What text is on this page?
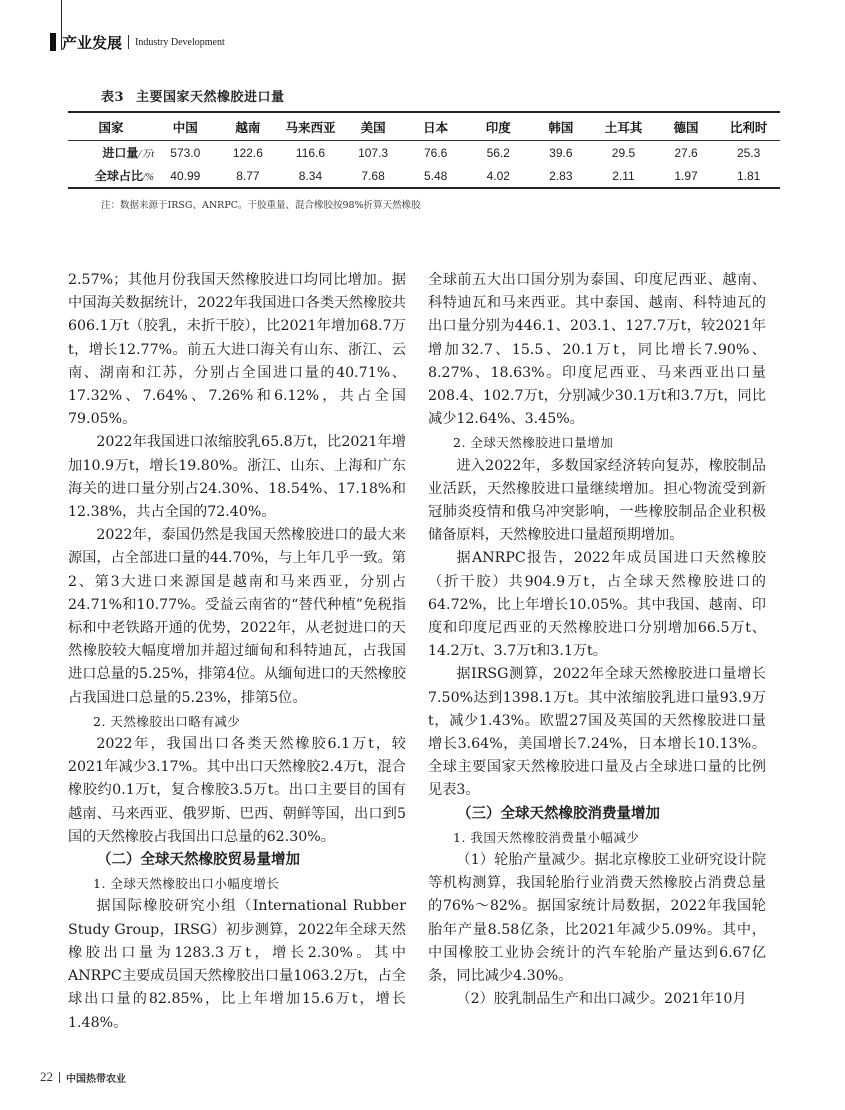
产业发展 Industry Development
表3 主要国家天然橡胶进口量
国家	中国	越南	马来西亚	美国	日本	印度	韩国	土耳其	德国	比利时
进口量/万t	573.0	122.6	116.6	107.3	76.6	56.2	39.6	29.5	27.6	25.3
全球占比/%	40.99	8.77	8.34	7.68	5.48	4.02	2.83	2.11	1.97	1.81
注：数据来源于IRSG、ANRPC。干胶重量、混合橡胶按98%折算天然橡胶

2.57%；其他月份我国天然橡胶进口均同比增加。据中国海关数据统计，2022年我国进口各类天然橡胶共606.1万t（胶乳，未折干胶），比2021年增加68.7万t，增长12.77%。前五大进口海关有山东、浙江、云南、湖南和江苏，分别占全国进口量的40.71%、17.32%、7.64%、7.26%和6.12%，共占全国79.05%。

2022年我国进口浓缩胶乳65.8万t，比2021年增加10.9万t，增长19.80%。浙江、山东、上海和广东海关的进口量分别占24.30%、18.54%、17.18%和12.38%，共占全国的72.40%。

2022年，泰国仍然是我国天然橡胶进口的最大来源国，占全部进口量的44.70%，与上年几乎一致。第2、第3大进口来源国是越南和马来西亚，分别占24.71%和10.77%。受益云南省的“替代种植”免税指标和中老铁路开通的优势，2022年，从老挝进口的天然橡胶较大幅度增加并超过缅甸和科特迪瓦，占我国进口总量的5.25%，排第4位。从缅甸进口的天然橡胶占我国进口总量的5.23%，排第5位。

2. 天然橡胶出口略有减少

2022年，我国出口各类天然橡胶6.1万t，较2021年减少3.17%。其中出口天然橡胶2.4万t，混合橡胶约0.1万t，复合橡胶3.5万t。出口主要目的国有越南、马来西亚、俄罗斯、巴西、朝鲜等国，出口到5国的天然橡胶占我国出口总量的62.30%。

（二）全球天然橡胶贸易量增加

1. 全球天然橡胶出口小幅度增长

据国际橡胶研究小组（International Rubber Study Group，IRSG）初步测算，2022年全球天然橡胶出口量为1283.3万t，增长2.30%。其中ANRPC主要成员国天然橡胶出口量1063.2万t，占全球出口量的82.85%，比上年增加15.6万t，增长1.48%。

全球前五大出口国分别为泰国、印度尼西亚、越南、科特迪瓦和马来西亚。其中泰国、越南、科特迪瓦的出口量分别为446.1、203.1、127.7万t，较2021年增加32.7、15.5、20.1万t，同比增长7.90%、8.27%、18.63%。印度尼西亚、马来西亚出口量208.4、102.7万t，分别减少30.1万t和3.7万t，同比减少12.64%、3.45%。

2. 全球天然橡胶进口量增加

进入2022年，多数国家经济转向复苏，橡胶制品业活跃，天然橡胶进口量继续增加。担心物流受到新冠肺炎疫情和俄乌冲突影响，一些橡胶制品企业积极储备原料，天然橡胶进口量超预期增加。

据ANRPC报告，2022年成员国进口天然橡胶（折干胶）共904.9万t，占全球天然橡胶进口的64.72%，比上年增长10.05%。其中我国、越南、印度和印度尼西亚的天然橡胶进口分别增加66.5万t、14.2万t、3.7万t和3.1万t。

据IRSG测算，2022年全球天然橡胶进口量增长7.50%达到1398.1万t。其中浓缩胶乳进口量93.9万t，减少1.43%。欧盟27国及英国的天然橡胶进口量增长3.64%，美国增长7.24%，日本增长10.13%。全球主要国家天然橡胶进口量及占全球进口量的比例见表3。

（三）全球天然橡胶消费量增加

1. 我国天然橡胶消费量小幅减少

（1）轮胎产量减少。据北京橡胶工业研究设计院等机构测算，我国轮胎行业消费天然橡胶占消费总量的76%～82%。据国家统计局数据，2022年我国轮胎年产量8.58亿条，比2021年减少5.09%。其中，中国橡胶工业协会统计的汽车轮胎产量达到6.67亿条，同比减少4.30%。

（2）胶乳制品生产和出口减少。2021年10月

22 中国热带农业
